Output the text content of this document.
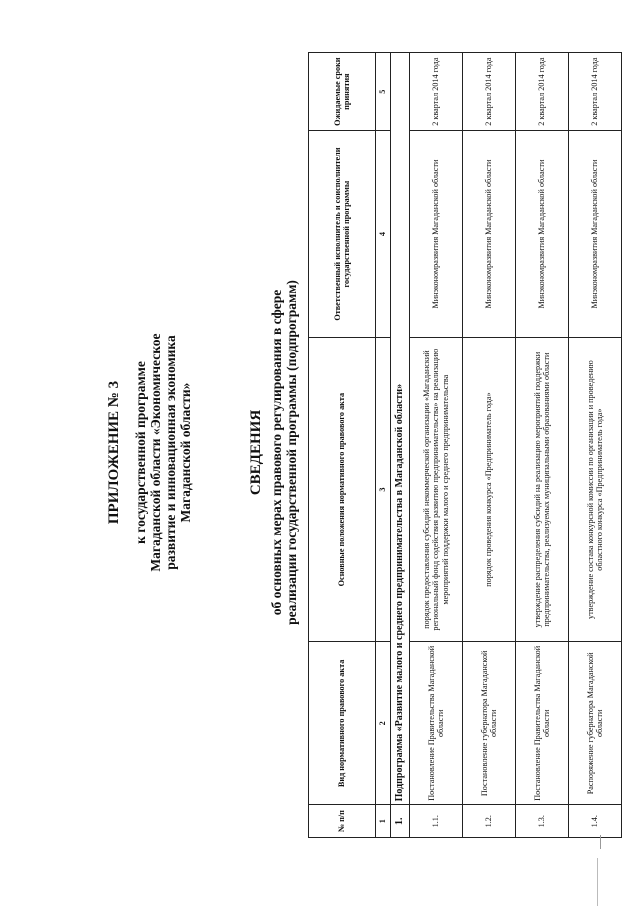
ПРИЛОЖЕНИЕ № 3 к государственной программе Магаданской области «Экономическое развитие и инновационная экономика Магаданской области»	СВЕДЕНИЯ об основных мерах правового регулирования в сфере реализации государственной программы (подпрограмм)
№ п/п	Вид нормативного правового акта	Основные положения нормативного правового акта	Ответственный исполнитель и соисполнители государственной программы	Ожидаемые сроки принятия
1	2	3	4	5
1.	Подпрограмма «Развитие малого и среднего предпринимательства в Магаданской области»			
1.1.	Постановление Правительства Магаданской области	порядок предоставления субсидий некоммерческой организации «Магаданский региональный фонд содействия развитию предпринимательства» на реализацию мероприятий поддержки малого и среднего предпринимательства	Минэкономразвития Магаданской области	2 квартал 2014 года
1.2.	Постановление губернатора Магаданской области	порядок проведения конкурса «Предприниматель года»	Минэкономразвития Магаданской области	2 квартал 2014 года
1.3.	Постановление Правительства Магаданской области	утверждение распределения субсидий на реализацию мероприятий поддержки предпринимательства, реализуемых муниципальными образованиями области	Минэкономразвития Магаданской области	2 квартал 2014 года
1.4.	Распоряжение губернатора Магаданской области	утверждение состава конкурсной комиссии по организации и проведению областного конкурса «Предприниматель года»	Минэкономразвития Магаданской области	2 квартал 2014 года
